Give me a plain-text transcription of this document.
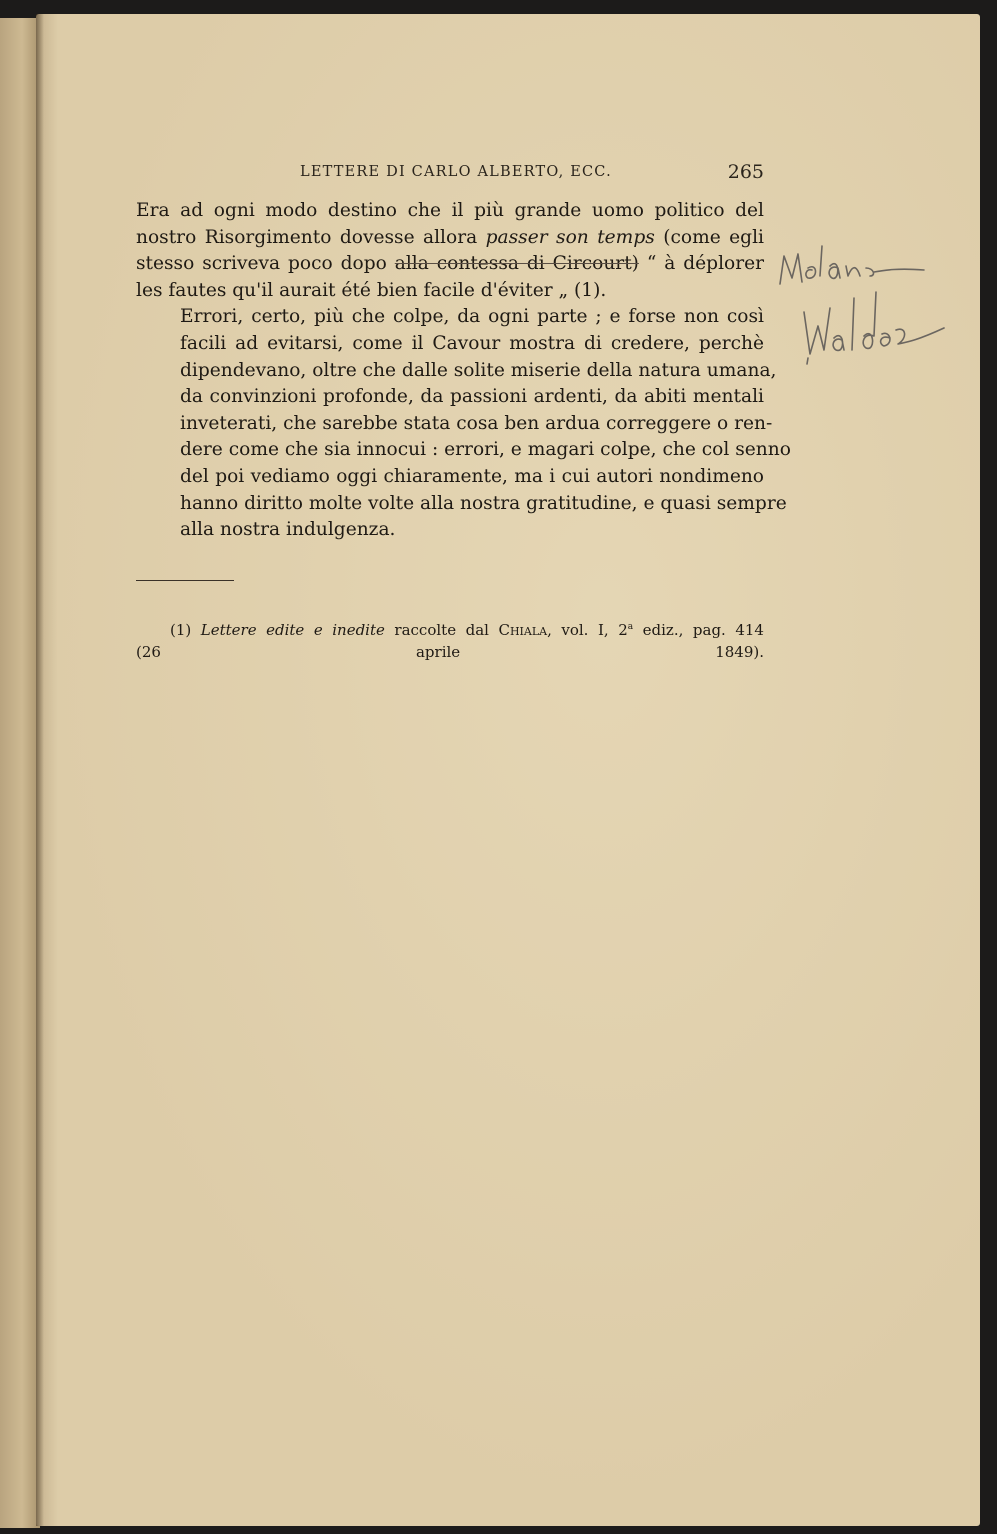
LETTERE DI CARLO ALBERTO, ECC.	265

Era ad ogni modo destino che il più grande uomo politico del
nostro Risorgimento dovesse allora passer son temps (come egli
stesso scriveva poco dopo alla contessa di Circourt) “ à déplorer
les fautes qu'il aurait été bien facile d'éviter „ (1).

Errori, certo, più che colpe, da ogni parte ; e forse non così
facili ad evitarsi, come il Cavour mostra di credere, perchè
dipendevano, oltre che dalle solite miserie della natura umana,
da convinzioni profonde, da passioni ardenti, da abiti mentali
inveterati, che sarebbe stata cosa ben ardua correggere o ren-
dere come che sia innocui : errori, e magari colpe, che col senno
del poi vediamo oggi chiaramente, ma i cui autori nondimeno
hanno diritto molte volte alla nostra gratitudine, e quasi sempre
alla nostra indulgenza.

(1) Lettere edite e inedite raccolte dal Chiala, vol. I, 2$^a$ ediz., pag. 414
(26 aprile 1849).
